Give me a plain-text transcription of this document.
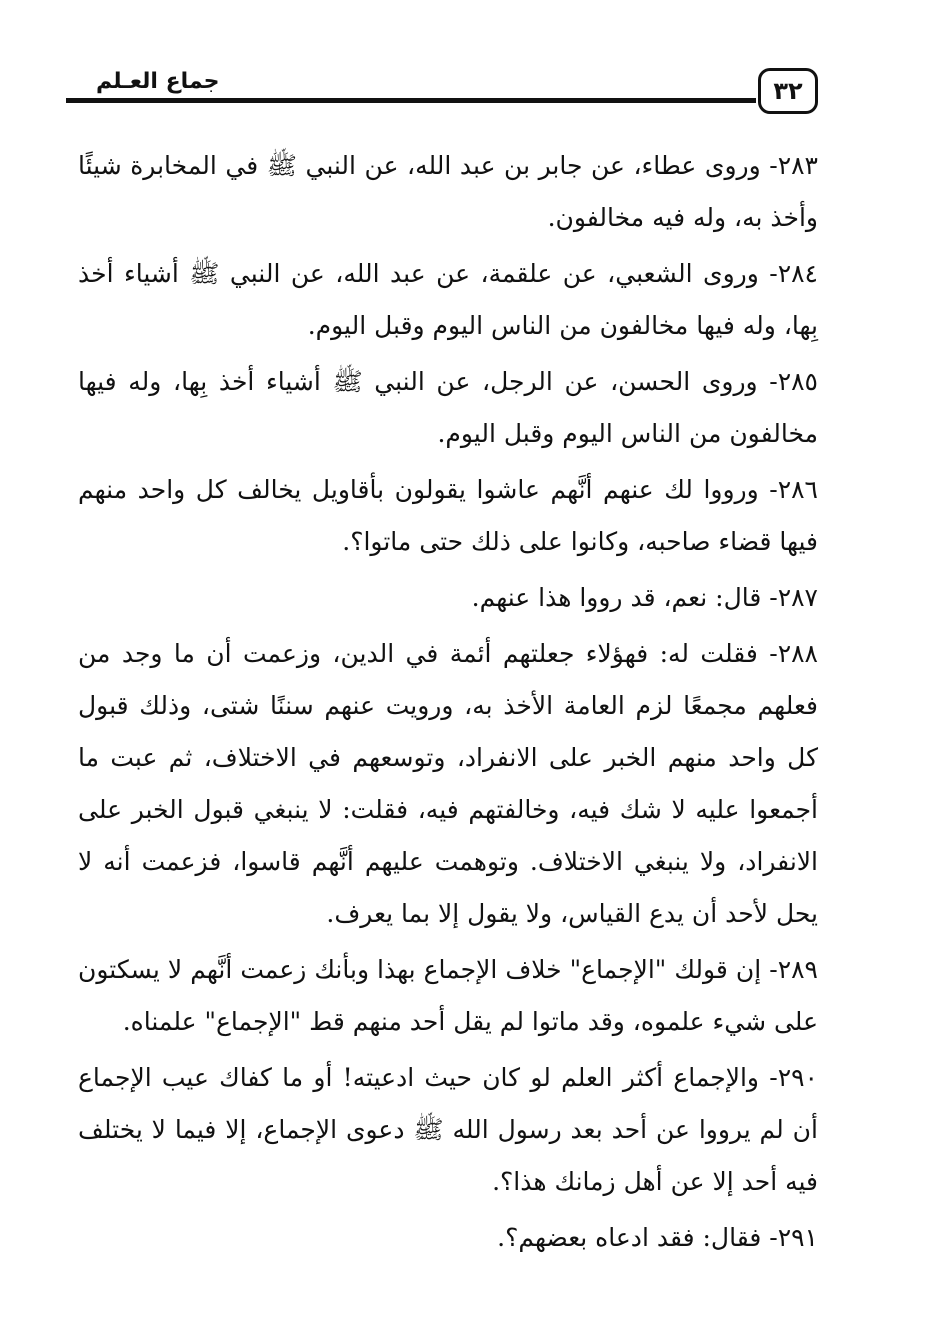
جماع العـلم	٣٢

٢٨٣- وروى عطاء، عن جابر بن عبد الله، عن النبي ﷺ في المخابرة شيئًا وأخذ به، وله فيه مخالفون.

٢٨٤- وروى الشعبي، عن علقمة، عن عبد الله، عن النبي ﷺ أشياء أخذ بِها، وله فيها مخالفون من الناس اليوم وقبل اليوم.

٢٨٥- وروى الحسن، عن الرجل، عن النبي ﷺ أشياء أخذ بِها، وله فيها مخالفون من الناس اليوم وقبل اليوم.

٢٨٦- ورووا لك عنهم أنَّهم عاشوا يقولون بأقاويل يخالف كل واحد منهم فيها قضاء صاحبه، وكانوا على ذلك حتى ماتوا؟.

٢٨٧- قال: نعم، قد رووا هذا عنهم.

٢٨٨- فقلت له: فهؤلاء جعلتهم أئمة في الدين، وزعمت أن ما وجد من فعلهم مجمعًا لزم العامة الأخذ به، ورويت عنهم سننًا شتى، وذلك قبول كل واحد منهم الخبر على الانفراد، وتوسعهم في الاختلاف، ثم عبت ما أجمعوا عليه لا شك فيه، وخالفتهم فيه، فقلت: لا ينبغي قبول الخبر على الانفراد، ولا ينبغي الاختلاف. وتوهمت عليهم أنَّهم قاسوا، فزعمت أنه لا يحل لأحد أن يدع القياس، ولا يقول إلا بما يعرف.

٢٨٩- إن قولك "الإجماع" خلاف الإجماع بهذا وبأنك زعمت أنَّهم لا يسكتون على شيء علموه، وقد ماتوا لم يقل أحد منهم قط "الإجماع" علمناه.

٢٩٠- والإجماع أكثر العلم لو كان حيث ادعيته! أو ما كفاك عيب الإجماع أن لم يرووا عن أحد بعد رسول الله ﷺ دعوى الإجماع، إلا فيما لا يختلف فيه أحد إلا عن أهل زمانك هذا؟.

٢٩١- فقال: فقد ادعاه بعضهم؟.
